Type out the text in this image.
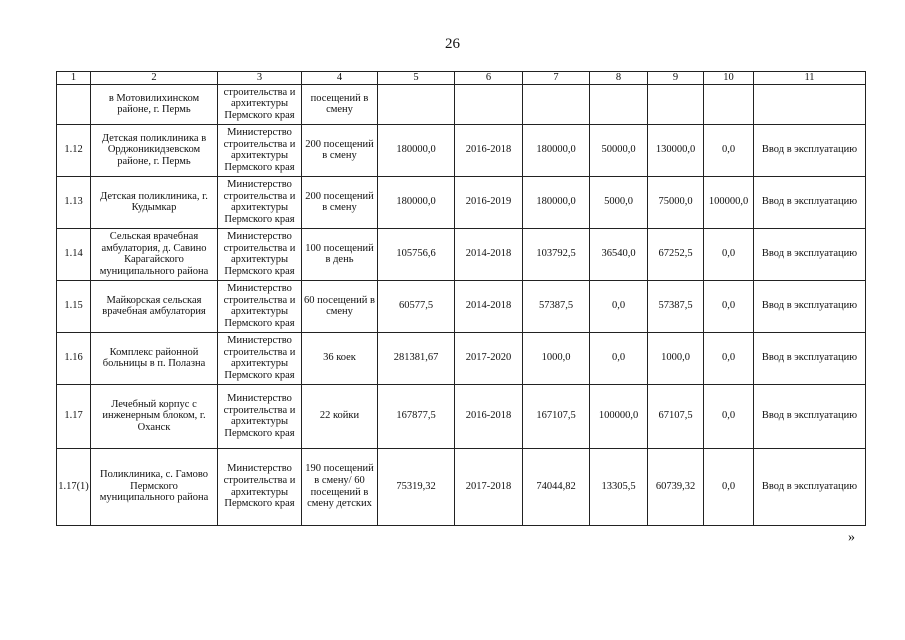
26
1	2	3	4	5	6	7	8	9	10	11
	в Мотовилихинском районе, г. Пермь	строительства и архитектуры Пермского края	посещений в смену							
1.12	Детская поликлиника в Орджоникидзевском районе, г. Пермь	Министерство строительства и архитектуры Пермского края	200 посещений в смену	180000,0	2016-2018	180000,0	50000,0	130000,0	0,0	Ввод в эксплуатацию
1.13	Детская поликлиника, г. Кудымкар	Министерство строительства и архитектуры Пермского края	200 посещений в смену	180000,0	2016-2019	180000,0	5000,0	75000,0	100000,0	Ввод в эксплуатацию
1.14	Сельская врачебная амбулатория, д. Савино Карагайского муниципального района	Министерство строительства и архитектуры Пермского края	100 посещений в день	105756,6	2014-2018	103792,5	36540,0	67252,5	0,0	Ввод в эксплуатацию
1.15	Майкорская сельская врачебная амбулатория	Министерство строительства и архитектуры Пермского края	60 посещений в смену	60577,5	2014-2018	57387,5	0,0	57387,5	0,0	Ввод в эксплуатацию
1.16	Комплекс районной больницы в п. Полазна	Министерство строительства и архитектуры Пермского края	36 коек	281381,67	2017-2020	1000,0	0,0	1000,0	0,0	Ввод в эксплуатацию
1.17	Лечебный корпус с инженерным блоком, г. Оханск	Министерство строительства и архитектуры Пермского края	22 койки	167877,5	2016-2018	167107,5	100000,0	67107,5	0,0	Ввод в эксплуатацию
1.17(1)	Поликлиника, с. Гамово Пермского муниципального района	Министерство строительства и архитектуры Пермского края	190 посещений в смену/ 60 посещений в смену детских	75319,32	2017-2018	74044,82	13305,5	60739,32	0,0	Ввод в эксплуатацию
»
